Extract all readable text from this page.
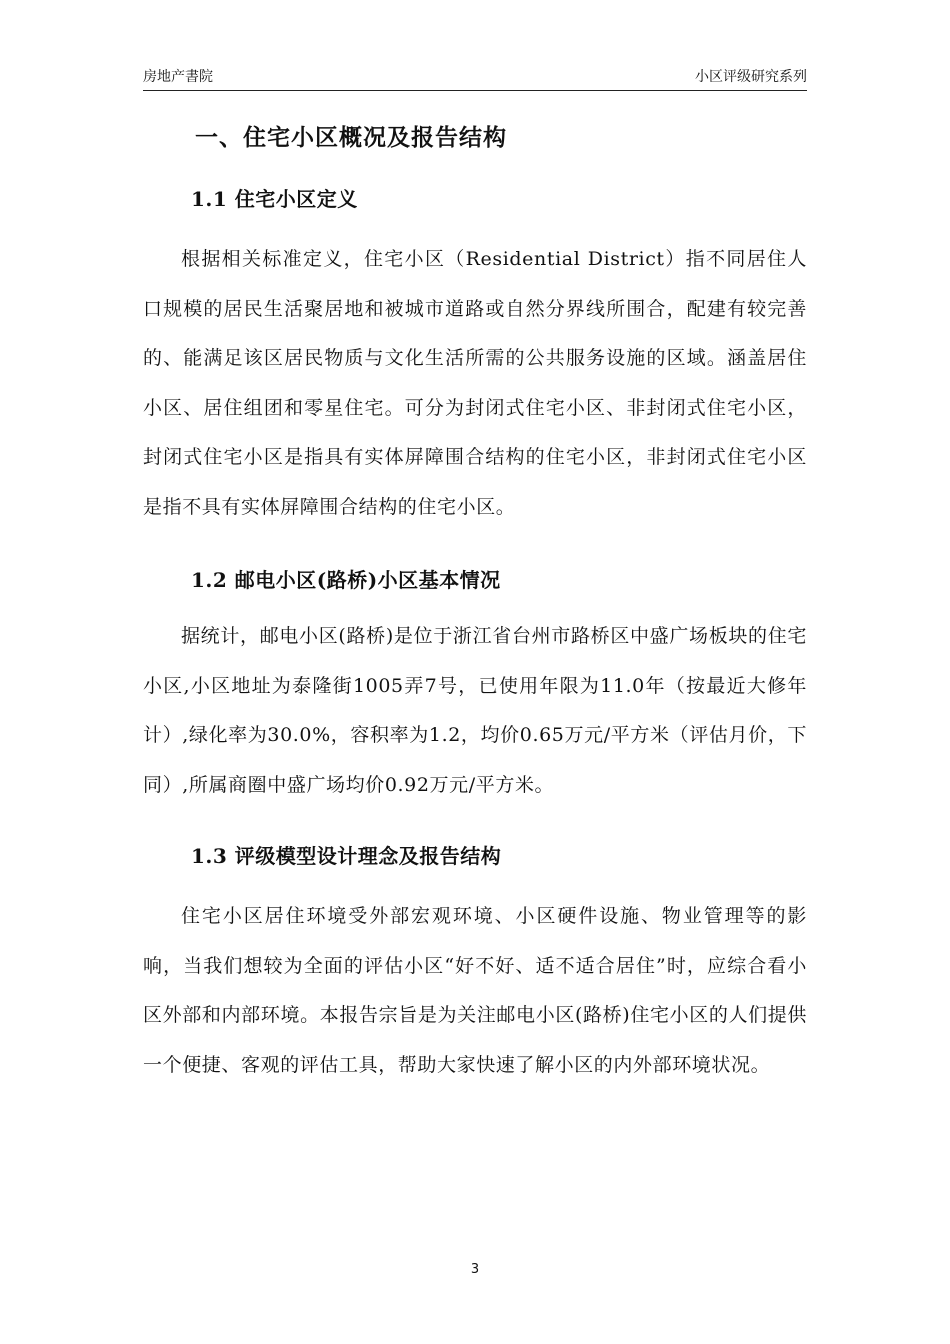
房地产書院	小区评级研究系列
一、住宅小区概况及报告结构
1.1 住宅小区定义

根据相关标准定义，住宅小区（Residential District）指不同居住人口规模的居民生活聚居地和被城市道路或自然分界线所围合，配建有较完善的、能满足该区居民物质与文化生活所需的公共服务设施的区域。涵盖居住小区、居住组团和零星住宅。可分为封闭式住宅小区、非封闭式住宅小区，封闭式住宅小区是指具有实体屏障围合结构的住宅小区，非封闭式住宅小区是指不具有实体屏障围合结构的住宅小区。

1.2 邮电小区(路桥)小区基本情况

据统计，邮电小区(路桥)是位于浙江省台州市路桥区中盛广场板块的住宅小区,小区地址为泰隆街1005弄7号，已使用年限为11.0年（按最近大修年计）,绿化率为30.0%，容积率为1.2，均价0.65万元/平方米（评估月价，下同）,所属商圈中盛广场均价0.92万元/平方米。

1.3 评级模型设计理念及报告结构

住宅小区居住环境受外部宏观环境、小区硬件设施、物业管理等的影响，当我们想较为全面的评估小区“好不好、适不适合居住”时，应综合看小区外部和内部环境。本报告宗旨是为关注邮电小区(路桥)住宅小区的人们提供一个便捷、客观的评估工具，帮助大家快速了解小区的内外部环境状况。

3
